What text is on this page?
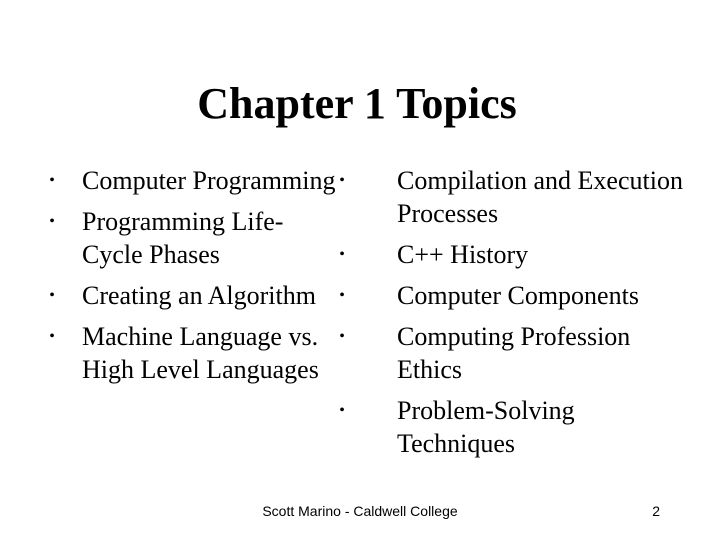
Chapter 1 Topics
•	Computer Programming
•	Programming Life-Cycle Phases
•	Creating an Algorithm
•	Machine Language vs. High Level Languages
•	Compilation and Execution Processes
•	C++ History
•	Computer Components
•	Computing Profession Ethics
•	Problem-Solving Techniques
Scott Marino - Caldwell College	2
